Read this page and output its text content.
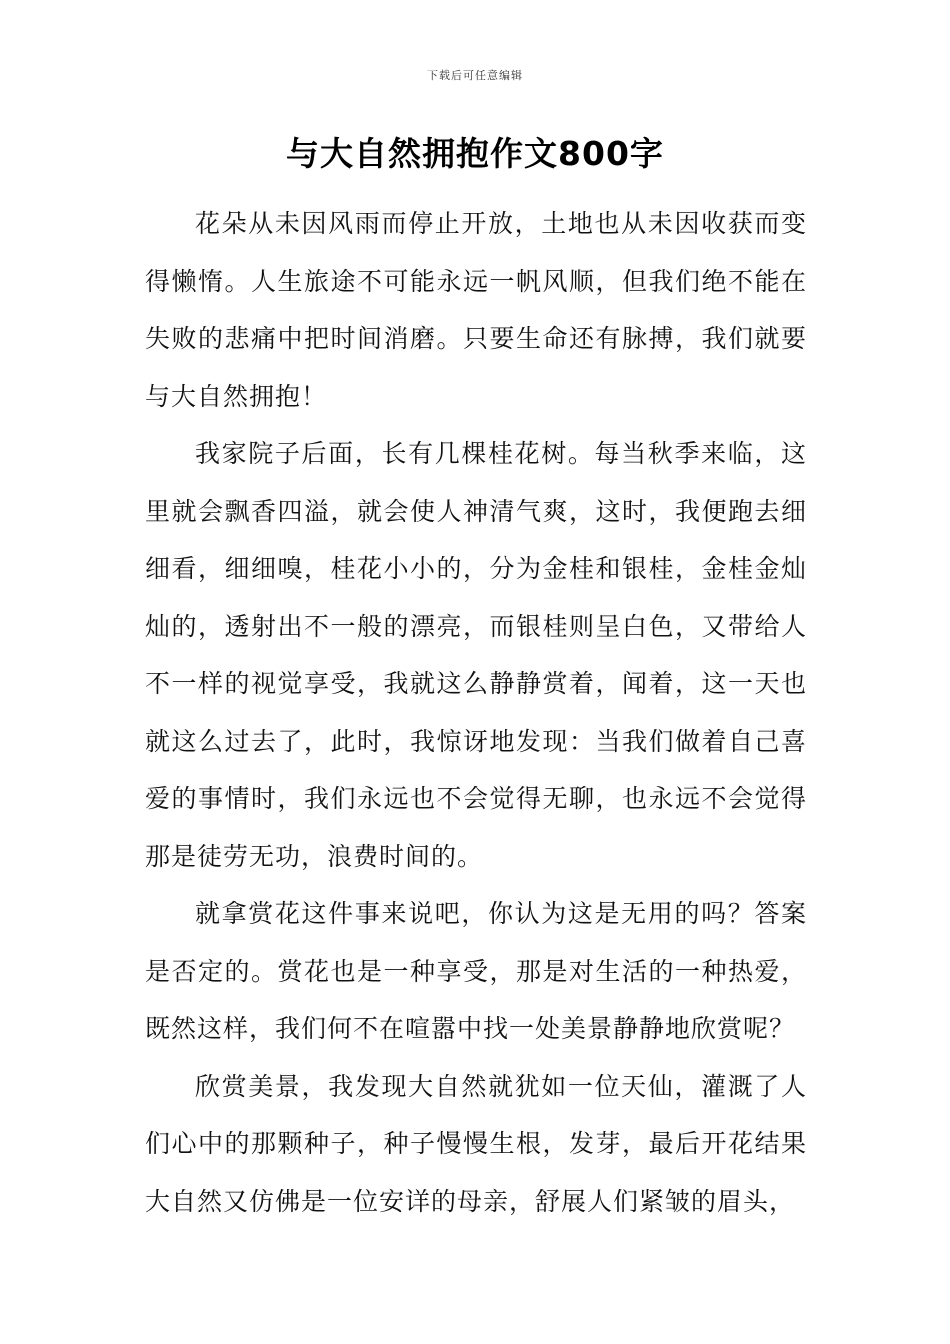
下载后可任意编辑
与大自然拥抱作文800字

花朵从未因风雨而停止开放，土地也从未因收获而变得懒惰。人生旅途不可能永远一帆风顺，但我们绝不能在失败的悲痛中把时间消磨。只要生命还有脉搏，我们就要与大自然拥抱！

我家院子后面，长有几棵桂花树。每当秋季来临，这里就会飘香四溢，就会使人神清气爽，这时，我便跑去细细看，细细嗅，桂花小小的，分为金桂和银桂，金桂金灿灿的，透射出不一般的漂亮，而银桂则呈白色，又带给人不一样的视觉享受，我就这么静静赏着，闻着，这一天也就这么过去了，此时，我惊讶地发现：当我们做着自己喜爱的事情时，我们永远也不会觉得无聊，也永远不会觉得那是徒劳无功，浪费时间的。

就拿赏花这件事来说吧，你认为这是无用的吗？答案是否定的。赏花也是一种享受，那是对生活的一种热爱，既然这样，我们何不在喧嚣中找一处美景静静地欣赏呢？

欣赏美景，我发现大自然就犹如一位天仙，灌溉了人们心中的那颗种子，种子慢慢生根，发芽，最后开花结果大自然又仿佛是一位安详的母亲，舒展人们紧皱的眉头，
